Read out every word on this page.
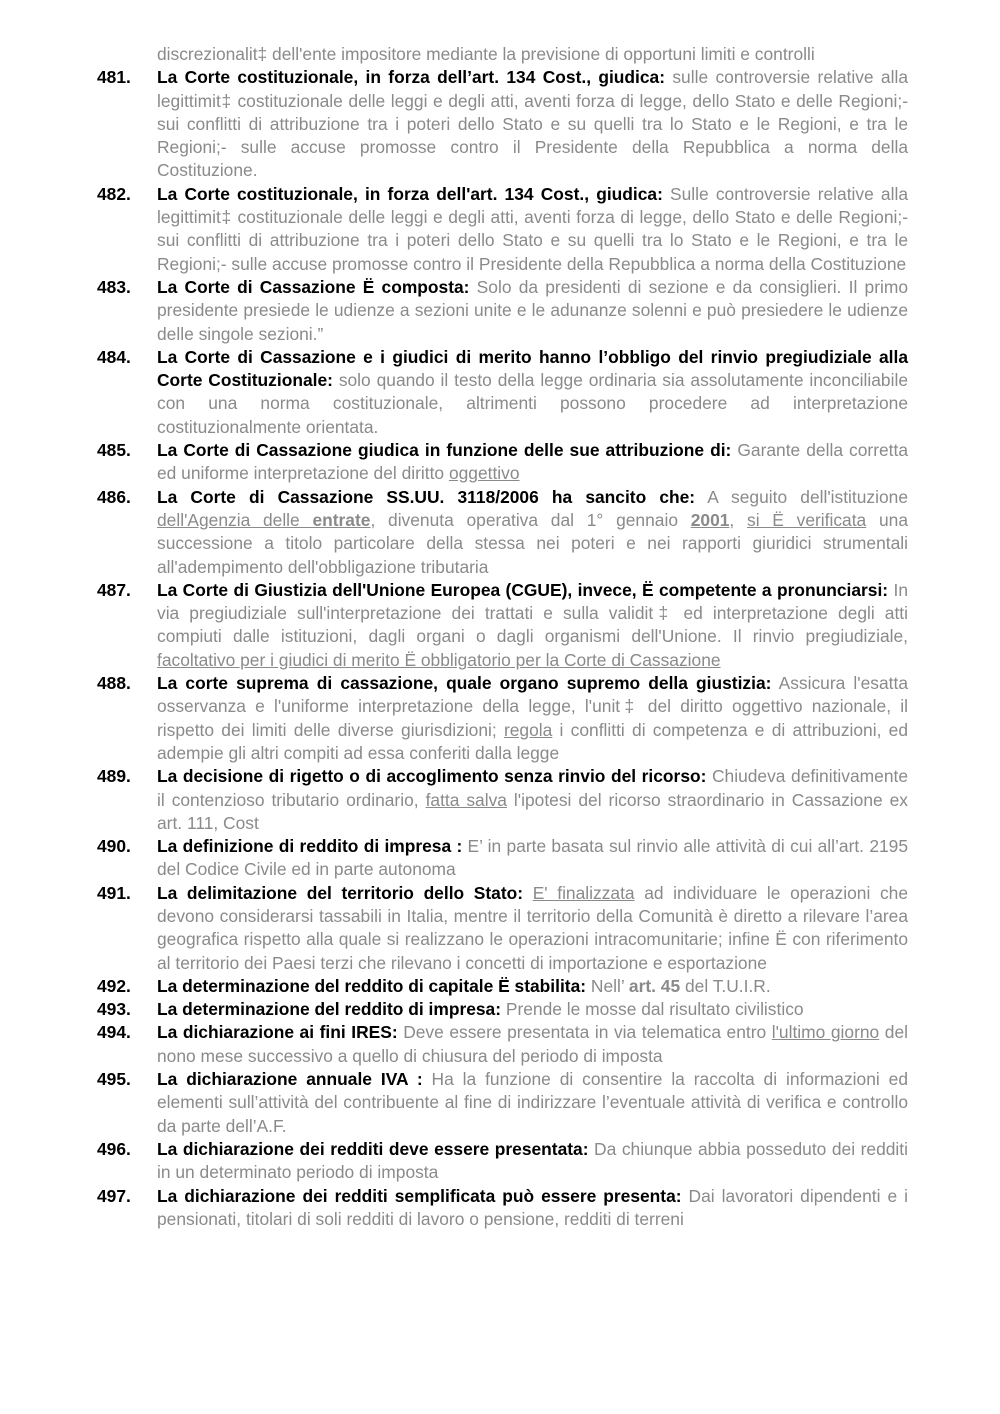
discrezionalit‡ dell'ente impositore mediante la previsione di opportuni limiti e controlli

481.	La Corte costituzionale, in forza dell’art. 134 Cost., giudica: sulle controversie relative alla legittimit‡ costituzionale delle leggi e degli atti, aventi forza di legge, dello Stato e delle Regioni;- sui conflitti di attribuzione tra i poteri dello Stato e su quelli tra lo Stato e le Regioni, e tra le Regioni;- sulle accuse promosse contro il Presidente della Repubblica a norma della Costituzione.
482.	La Corte costituzionale, in forza dell'art. 134 Cost., giudica: Sulle controversie relative alla legittimit‡ costituzionale delle leggi e degli atti, aventi forza di legge, dello Stato e delle Regioni;- sui conflitti di attribuzione tra i poteri dello Stato e su quelli tra lo Stato e le Regioni, e tra le Regioni;- sulle accuse promosse contro il Presidente della Repubblica a norma della Costituzione
483.	La Corte di Cassazione Ë composta: Solo da presidenti di sezione e da consiglieri. Il primo presidente presiede le udienze a sezioni unite e le adunanze solenni e può presiedere le udienze delle singole sezioni.”
484.	La Corte di Cassazione e i giudici di merito hanno l’obbligo del rinvio pregiudiziale alla Corte Costituzionale: solo quando il testo della legge ordinaria sia assolutamente inconciliabile con una norma costituzionale, altrimenti possono procedere ad interpretazione costituzionalmente orientata.
485.	La Corte di Cassazione giudica in funzione delle sue attribuzione di: Garante della corretta ed uniforme interpretazione del diritto oggettivo
486.	La Corte di Cassazione SS.UU. 3118/2006 ha sancito che: A seguito dell'istituzione dell'Agenzia delle entrate, divenuta operativa dal 1° gennaio 2001, si Ë verificata una successione a titolo particolare della stessa nei poteri e nei rapporti giuridici strumentali all'adempimento dell'obbligazione tributaria
487.	La Corte di Giustizia dell'Unione Europea (CGUE), invece, Ë competente a pronunciarsi: In via pregiudiziale sull'interpretazione dei trattati e sulla validit‡ ed interpretazione degli atti compiuti dalle istituzioni, dagli organi o dagli organismi dell'Unione. Il rinvio pregiudiziale, facoltativo per i giudici di merito Ë obbligatorio per la Corte di Cassazione
488.	La corte suprema di cassazione, quale organo supremo della giustizia: Assicura l'esatta osservanza e l'uniforme interpretazione della legge, l'unit‡ del diritto oggettivo nazionale, il rispetto dei limiti delle diverse giurisdizioni; regola i conflitti di competenza e di attribuzioni, ed adempie gli altri compiti ad essa conferiti dalla legge
489.	La decisione di rigetto o di accoglimento senza rinvio del ricorso: Chiudeva definitivamente il contenzioso tributario ordinario, fatta salva l'ipotesi del ricorso straordinario in Cassazione ex art. 111, Cost
490.	La definizione di reddito di impresa : E’ in parte basata sul rinvio alle attività di cui all’art. 2195 del Codice Civile ed in parte autonoma
491.	La delimitazione del territorio dello Stato: E' finalizzata ad individuare le operazioni che devono considerarsi tassabili in Italia, mentre il territorio della Comunità è diretto a rilevare l’area geografica rispetto alla quale si realizzano le operazioni intracomunitarie; infine Ë con riferimento al territorio dei Paesi terzi che rilevano i concetti di importazione e esportazione
492.	La determinazione del reddito di capitale Ë stabilita: Nell’ art. 45 del T.U.I.R.
493.	La determinazione del reddito di impresa: Prende le mosse dal risultato civilistico
494.	La dichiarazione ai fini IRES: Deve essere presentata in via telematica entro l'ultimo giorno del nono mese successivo a quello di chiusura del periodo di imposta
495.	La dichiarazione annuale IVA : Ha la funzione di consentire la raccolta di informazioni ed elementi sull’attività del contribuente al fine di indirizzare l’eventuale attività di verifica e controllo da parte dell’A.F.
496.	La dichiarazione dei redditi deve essere presentata: Da chiunque abbia posseduto dei redditi in un determinato periodo di imposta
497.	La dichiarazione dei redditi semplificata può essere presenta: Dai lavoratori dipendenti e i pensionati, titolari di soli redditi di lavoro o pensione, redditi di terreni
